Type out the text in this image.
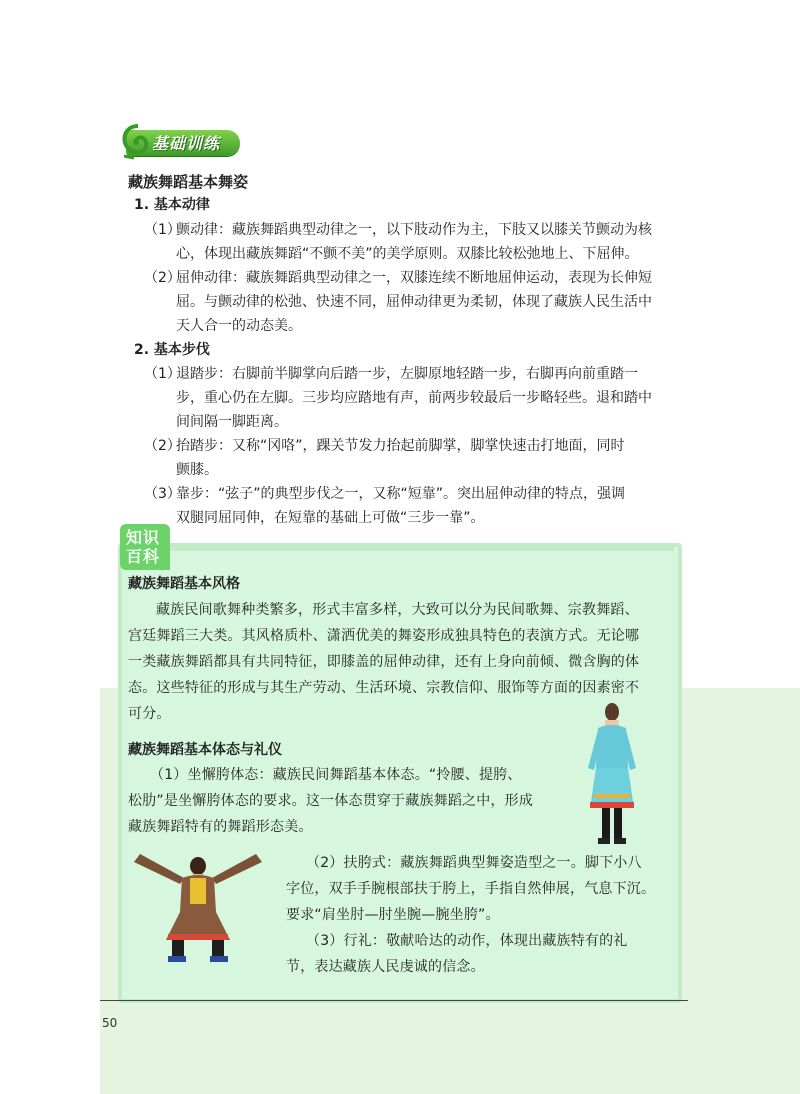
基础训练
藏族舞蹈基本舞姿
1. 基本动律
（1）
颤动律：藏族舞蹈典型动律之一，以下肢动作为主，下肢又以膝关节颤动为核
心，体现出藏族舞蹈“不颤不美”的美学原则。双膝比较松弛地上、下屈伸。
（2）
屈伸动律：藏族舞蹈典型动律之一，双膝连续不断地屈伸运动，表现为长伸短
屈。与颤动律的松弛、快速不同，屈伸动律更为柔韧，体现了藏族人民生活中
天人合一的动态美。
2. 基本步伐
（1）
退踏步：右脚前半脚掌向后踏一步，左脚原地轻踏一步，右脚再向前重踏一
步，重心仍在左脚。三步均应踏地有声，前两步较最后一步略轻些。退和踏中
间间隔一脚距离。
（2）
抬踏步：又称“冈咯”，踝关节发力抬起前脚掌，脚掌快速击打地面，同时
颤膝。
（3）
靠步：“弦子”的典型步伐之一，又称“短靠”。突出屈伸动律的特点，强调
双腿同屈同伸，在短靠的基础上可做“三步一靠”。
知识
百科
藏族舞蹈基本风格
藏族民间歌舞种类繁多，形式丰富多样，大致可以分为民间歌舞、宗教舞蹈、
宫廷舞蹈三大类。其风格质朴、潇洒优美的舞姿形成独具特色的表演方式。无论哪
一类藏族舞蹈都具有共同特征，即膝盖的屈伸动律，还有上身向前倾、微含胸的体
态。这些特征的形成与其生产劳动、生活环境、宗教信仰、服饰等方面的因素密不
可分。
藏族舞蹈基本体态与礼仪
（1）坐懈胯体态：藏族民间舞蹈基本体态。“拎腰、提胯、
松肋”是坐懈胯体态的要求。这一体态贯穿于藏族舞蹈之中，形成
藏族舞蹈特有的舞蹈形态美。
（2）扶胯式：藏族舞蹈典型舞姿造型之一。脚下小八
字位，双手手腕根部扶于胯上，手指自然伸展，气息下沉。
要求“肩坐肘—肘坐腕—腕坐胯”。
（3）行礼：敬献哈达的动作，体现出藏族特有的礼
节，表达藏族人民虔诚的信念。
50
